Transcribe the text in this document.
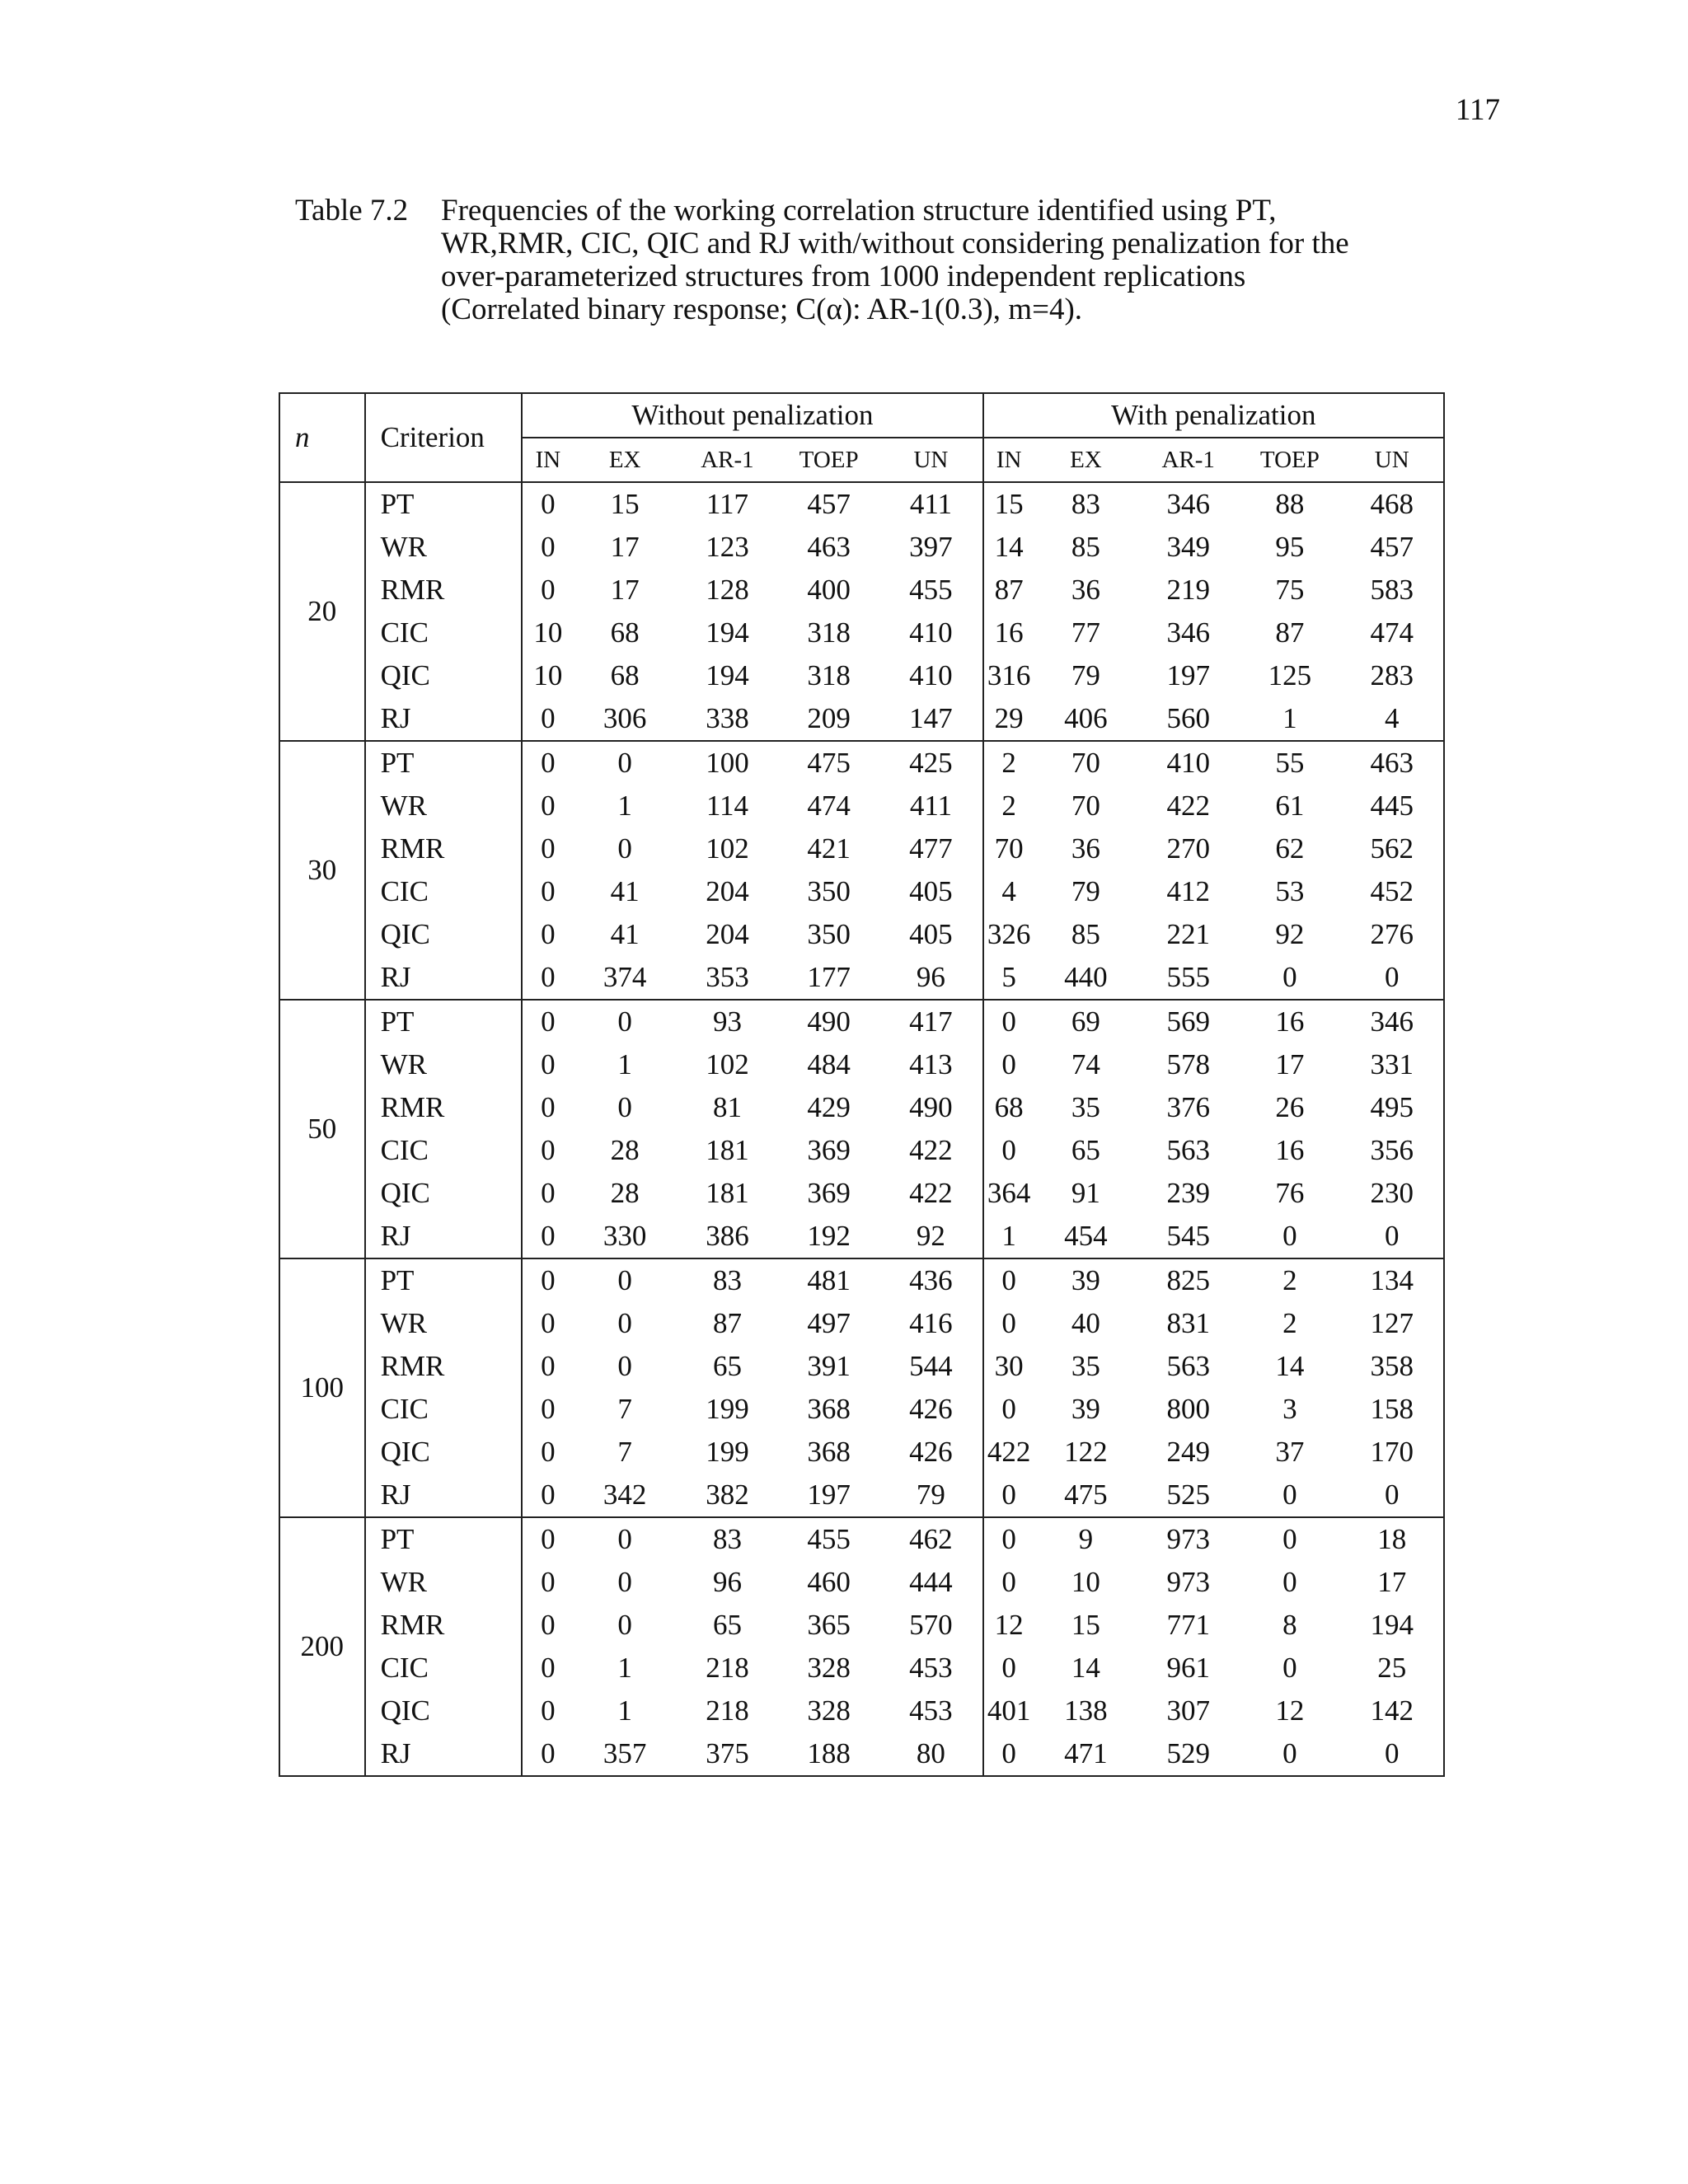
117
Table 7.2	Frequencies of the working correlation structure identified using PT,
WR,RMR, CIC, QIC and RJ with/without considering penalization for the
over-parameterized structures from 1000 independent replications
(Correlated binary response; C(α): AR-1(0.3), m=4).
n	Criterion	Without penalization					With penalization				
		IN	EX	AR-1	TOEP	UN	IN	EX	AR-1	TOEP	UN
20	PT	0	15	117	457	411	15	83	346	88	468
	WR	0	17	123	463	397	14	85	349	95	457
	RMR	0	17	128	400	455	87	36	219	75	583
	CIC	10	68	194	318	410	16	77	346	87	474
	QIC	10	68	194	318	410	316	79	197	125	283
	RJ	0	306	338	209	147	29	406	560	1	4
30	PT	0	0	100	475	425	2	70	410	55	463
	WR	0	1	114	474	411	2	70	422	61	445
	RMR	0	0	102	421	477	70	36	270	62	562
	CIC	0	41	204	350	405	4	79	412	53	452
	QIC	0	41	204	350	405	326	85	221	92	276
	RJ	0	374	353	177	96	5	440	555	0	0
50	PT	0	0	93	490	417	0	69	569	16	346
	WR	0	1	102	484	413	0	74	578	17	331
	RMR	0	0	81	429	490	68	35	376	26	495
	CIC	0	28	181	369	422	0	65	563	16	356
	QIC	0	28	181	369	422	364	91	239	76	230
	RJ	0	330	386	192	92	1	454	545	0	0
100	PT	0	0	83	481	436	0	39	825	2	134
	WR	0	0	87	497	416	0	40	831	2	127
	RMR	0	0	65	391	544	30	35	563	14	358
	CIC	0	7	199	368	426	0	39	800	3	158
	QIC	0	7	199	368	426	422	122	249	37	170
	RJ	0	342	382	197	79	0	475	525	0	0
200	PT	0	0	83	455	462	0	9	973	0	18
	WR	0	0	96	460	444	0	10	973	0	17
	RMR	0	0	65	365	570	12	15	771	8	194
	CIC	0	1	218	328	453	0	14	961	0	25
	QIC	0	1	218	328	453	401	138	307	12	142
	RJ	0	357	375	188	80	0	471	529	0	0
